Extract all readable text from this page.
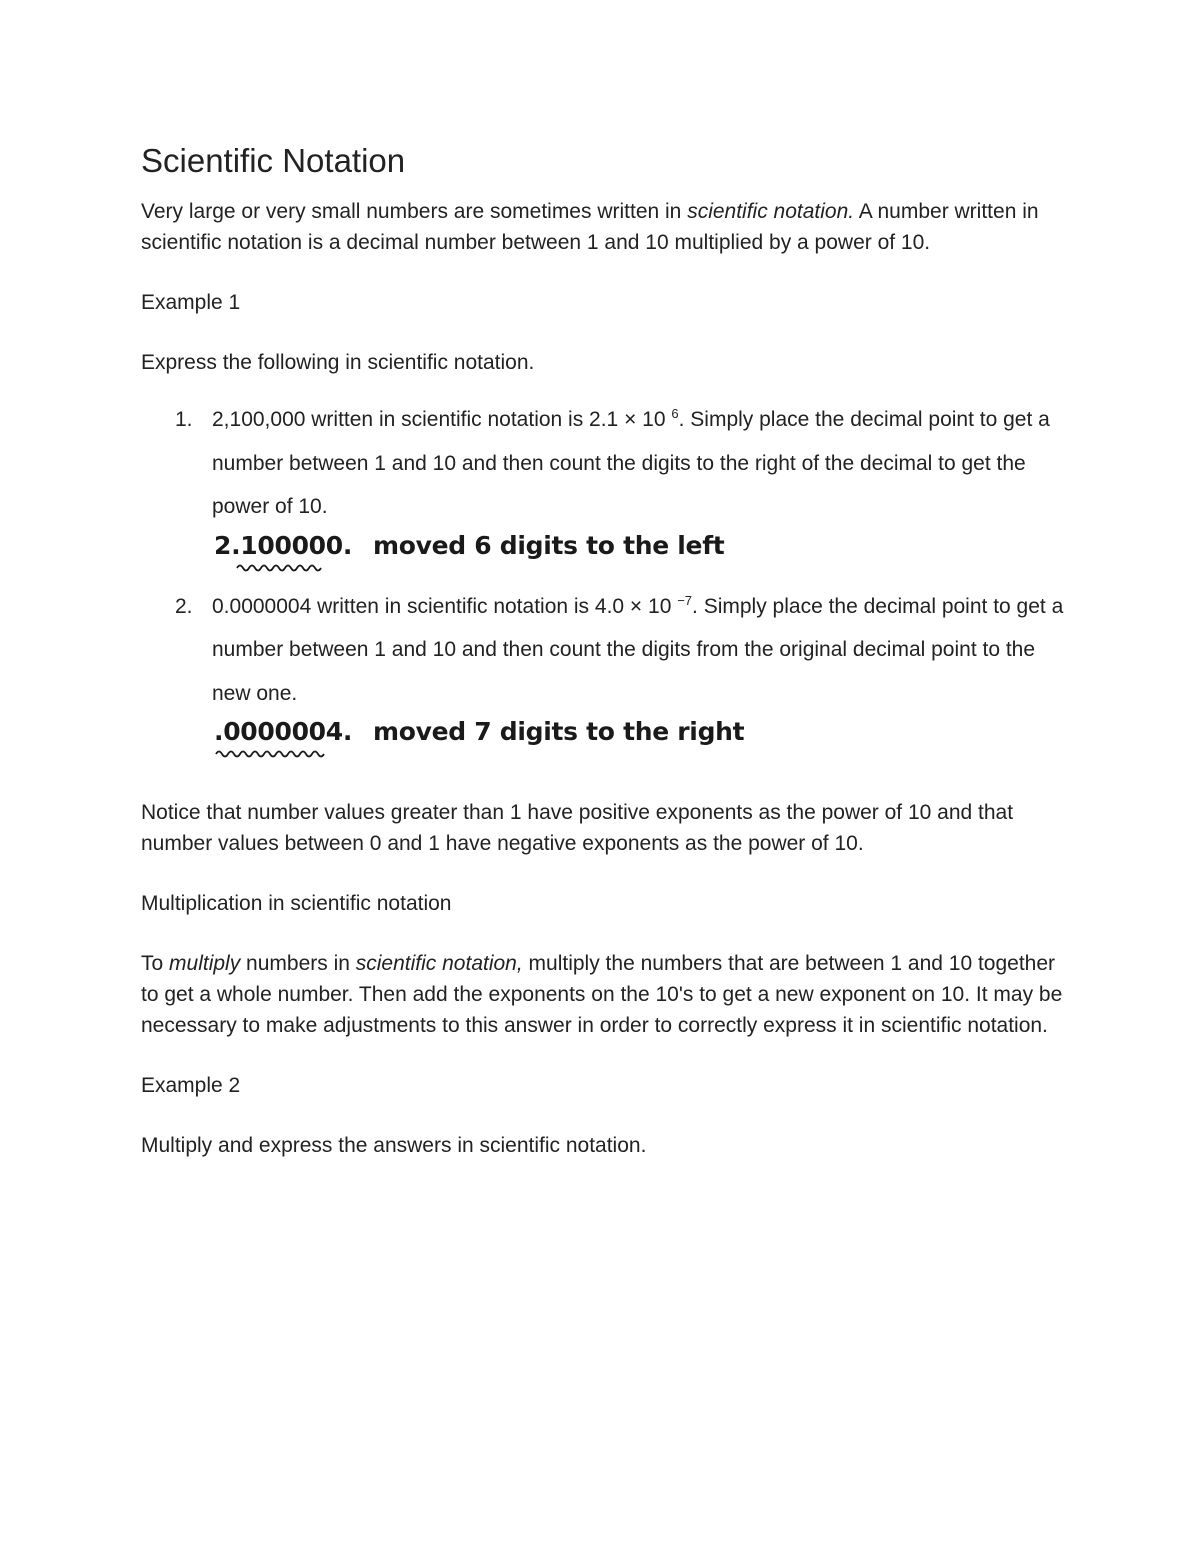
Scientific Notation

Very large or very small numbers are sometimes written in scientific notation. A number written in scientific notation is a decimal number between 1 and 10 multiplied by a power of 10.

Example 1

Express the following in scientific notation.

1. 2,100,000 written in scientific notation is 2.1 × 10 $^6$. Simply place the decimal point to get a number between 1 and 10 and then count the digits to the right of the decimal to get the power of 10.
2.100000. moved 6 digits to the left
2. 0.0000004 written in scientific notation is 4.0 × 10 $^{-7}$. Simply place the decimal point to get a number between 1 and 10 and then count the digits from the original decimal point to the new one.
.0000004. moved 7 digits to the right

Notice that number values greater than 1 have positive exponents as the power of 10 and that number values between 0 and 1 have negative exponents as the power of 10.

Multiplication in scientific notation

To multiply numbers in scientific notation, multiply the numbers that are between 1 and 10 together to get a whole number. Then add the exponents on the 10's to get a new exponent on 10. It may be necessary to make adjustments to this answer in order to correctly express it in scientific notation.

Example 2

Multiply and express the answers in scientific notation.
